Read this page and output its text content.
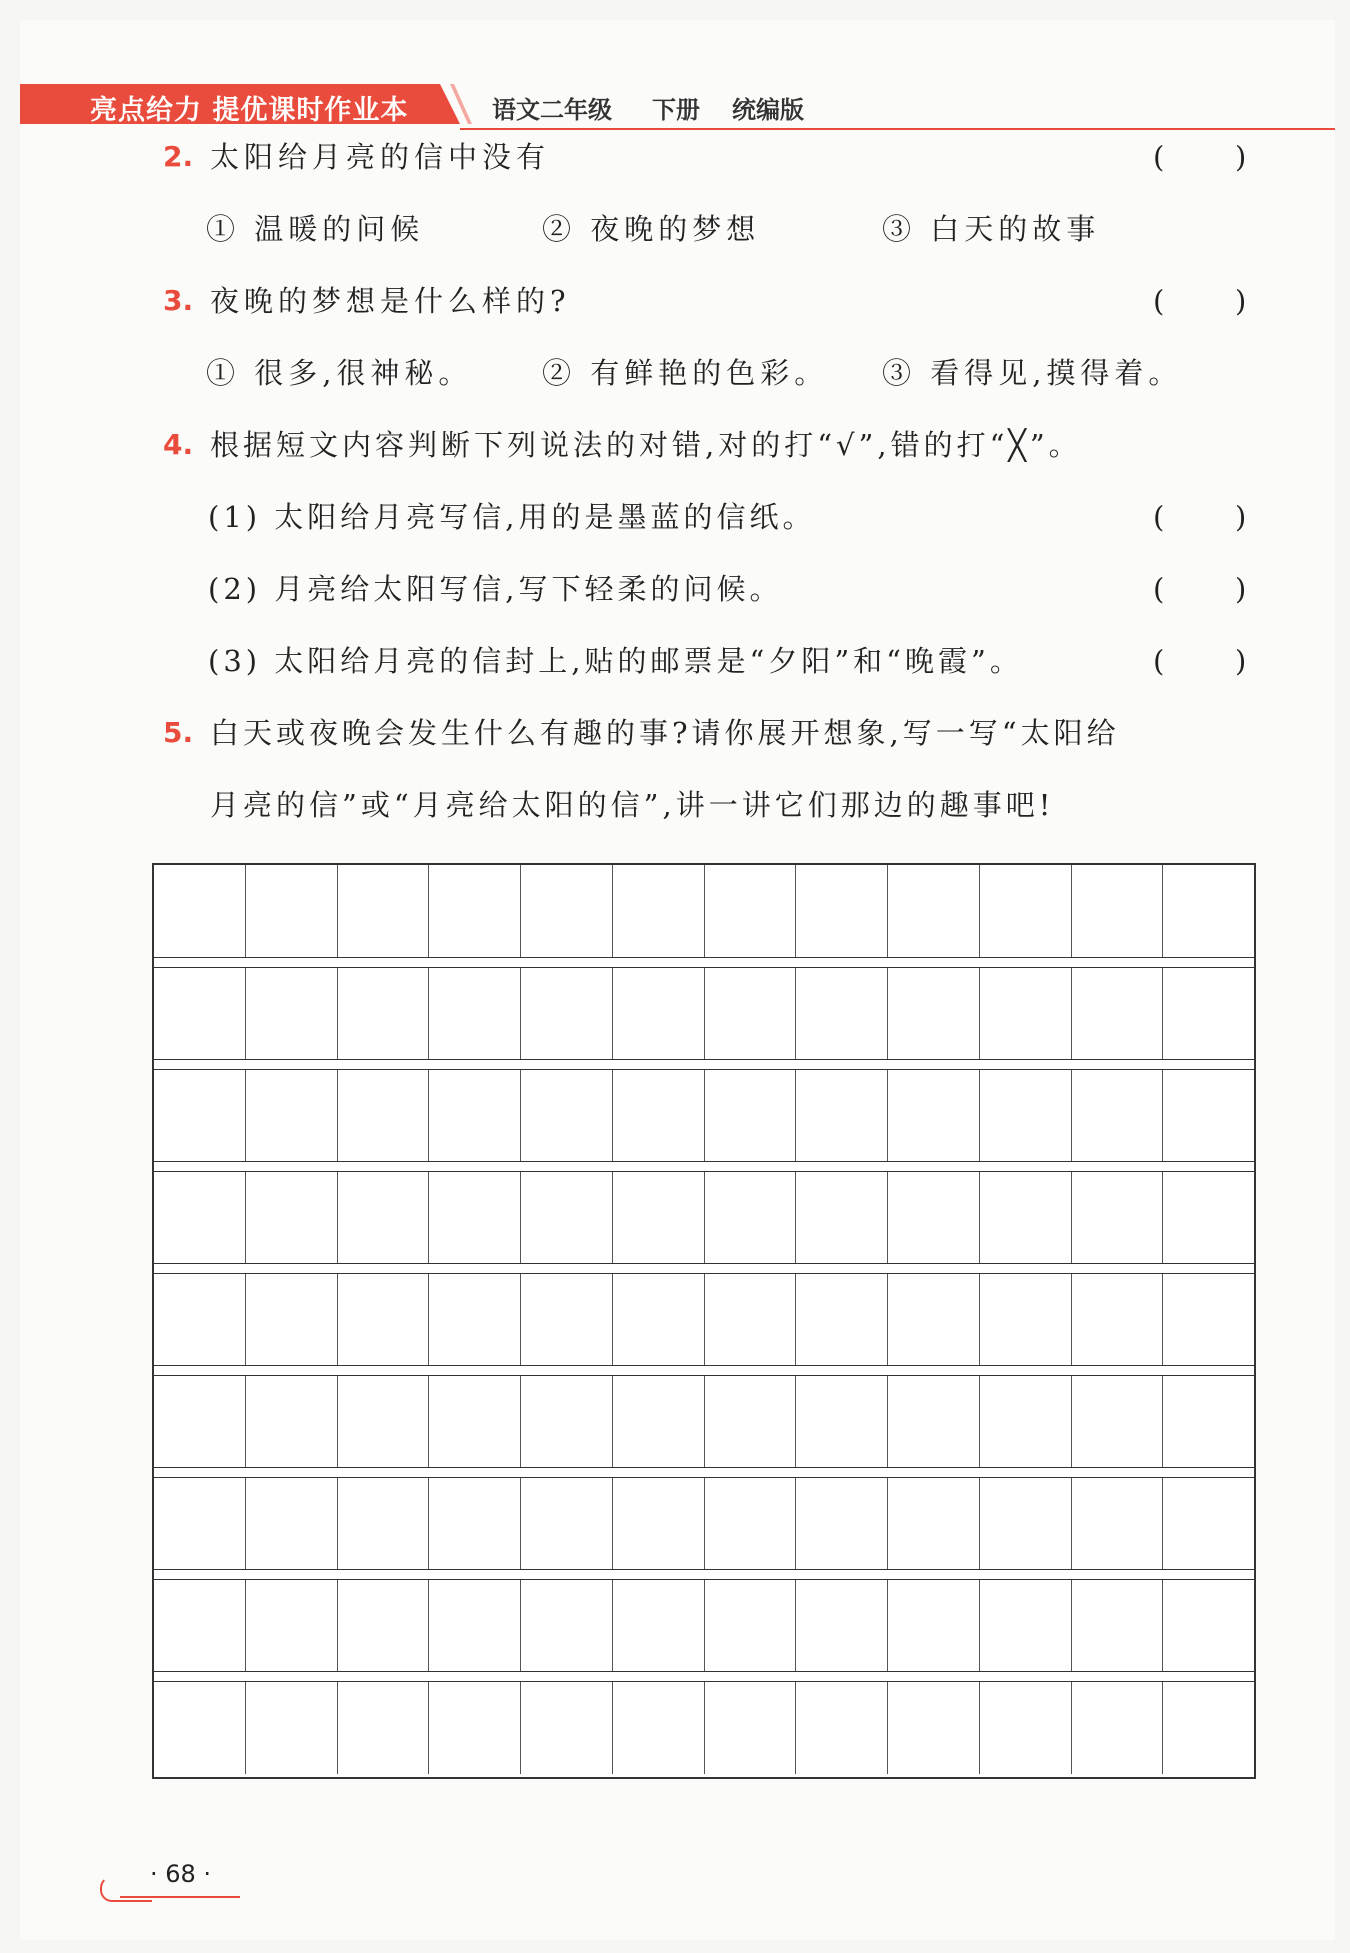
亮点给力 提优课时作业本	语文二年级 下册 统编版
2. 太阳给月亮的信中没有	( )
① 温暖的问候	② 夜晚的梦想	③ 白天的故事
3. 夜晚的梦想是什么样的?	( )
① 很多,很神秘。 ② 有鲜艳的色彩。 ③ 看得见,摸得着。
4. 根据短文内容判断下列说法的对错,对的打“√”,错的打“╳”。
(1) 太阳给月亮写信,用的是墨蓝的信纸。	( )
(2) 月亮给太阳写信,写下轻柔的问候。	( )
(3) 太阳给月亮的信封上,贴的邮票是“夕阳”和“晚霞”。	( )
5. 白天或夜晚会发生什么有趣的事?请你展开想象,写一写“太阳给
月亮的信”或“月亮给太阳的信”,讲一讲它们那边的趣事吧!
· 68 ·
